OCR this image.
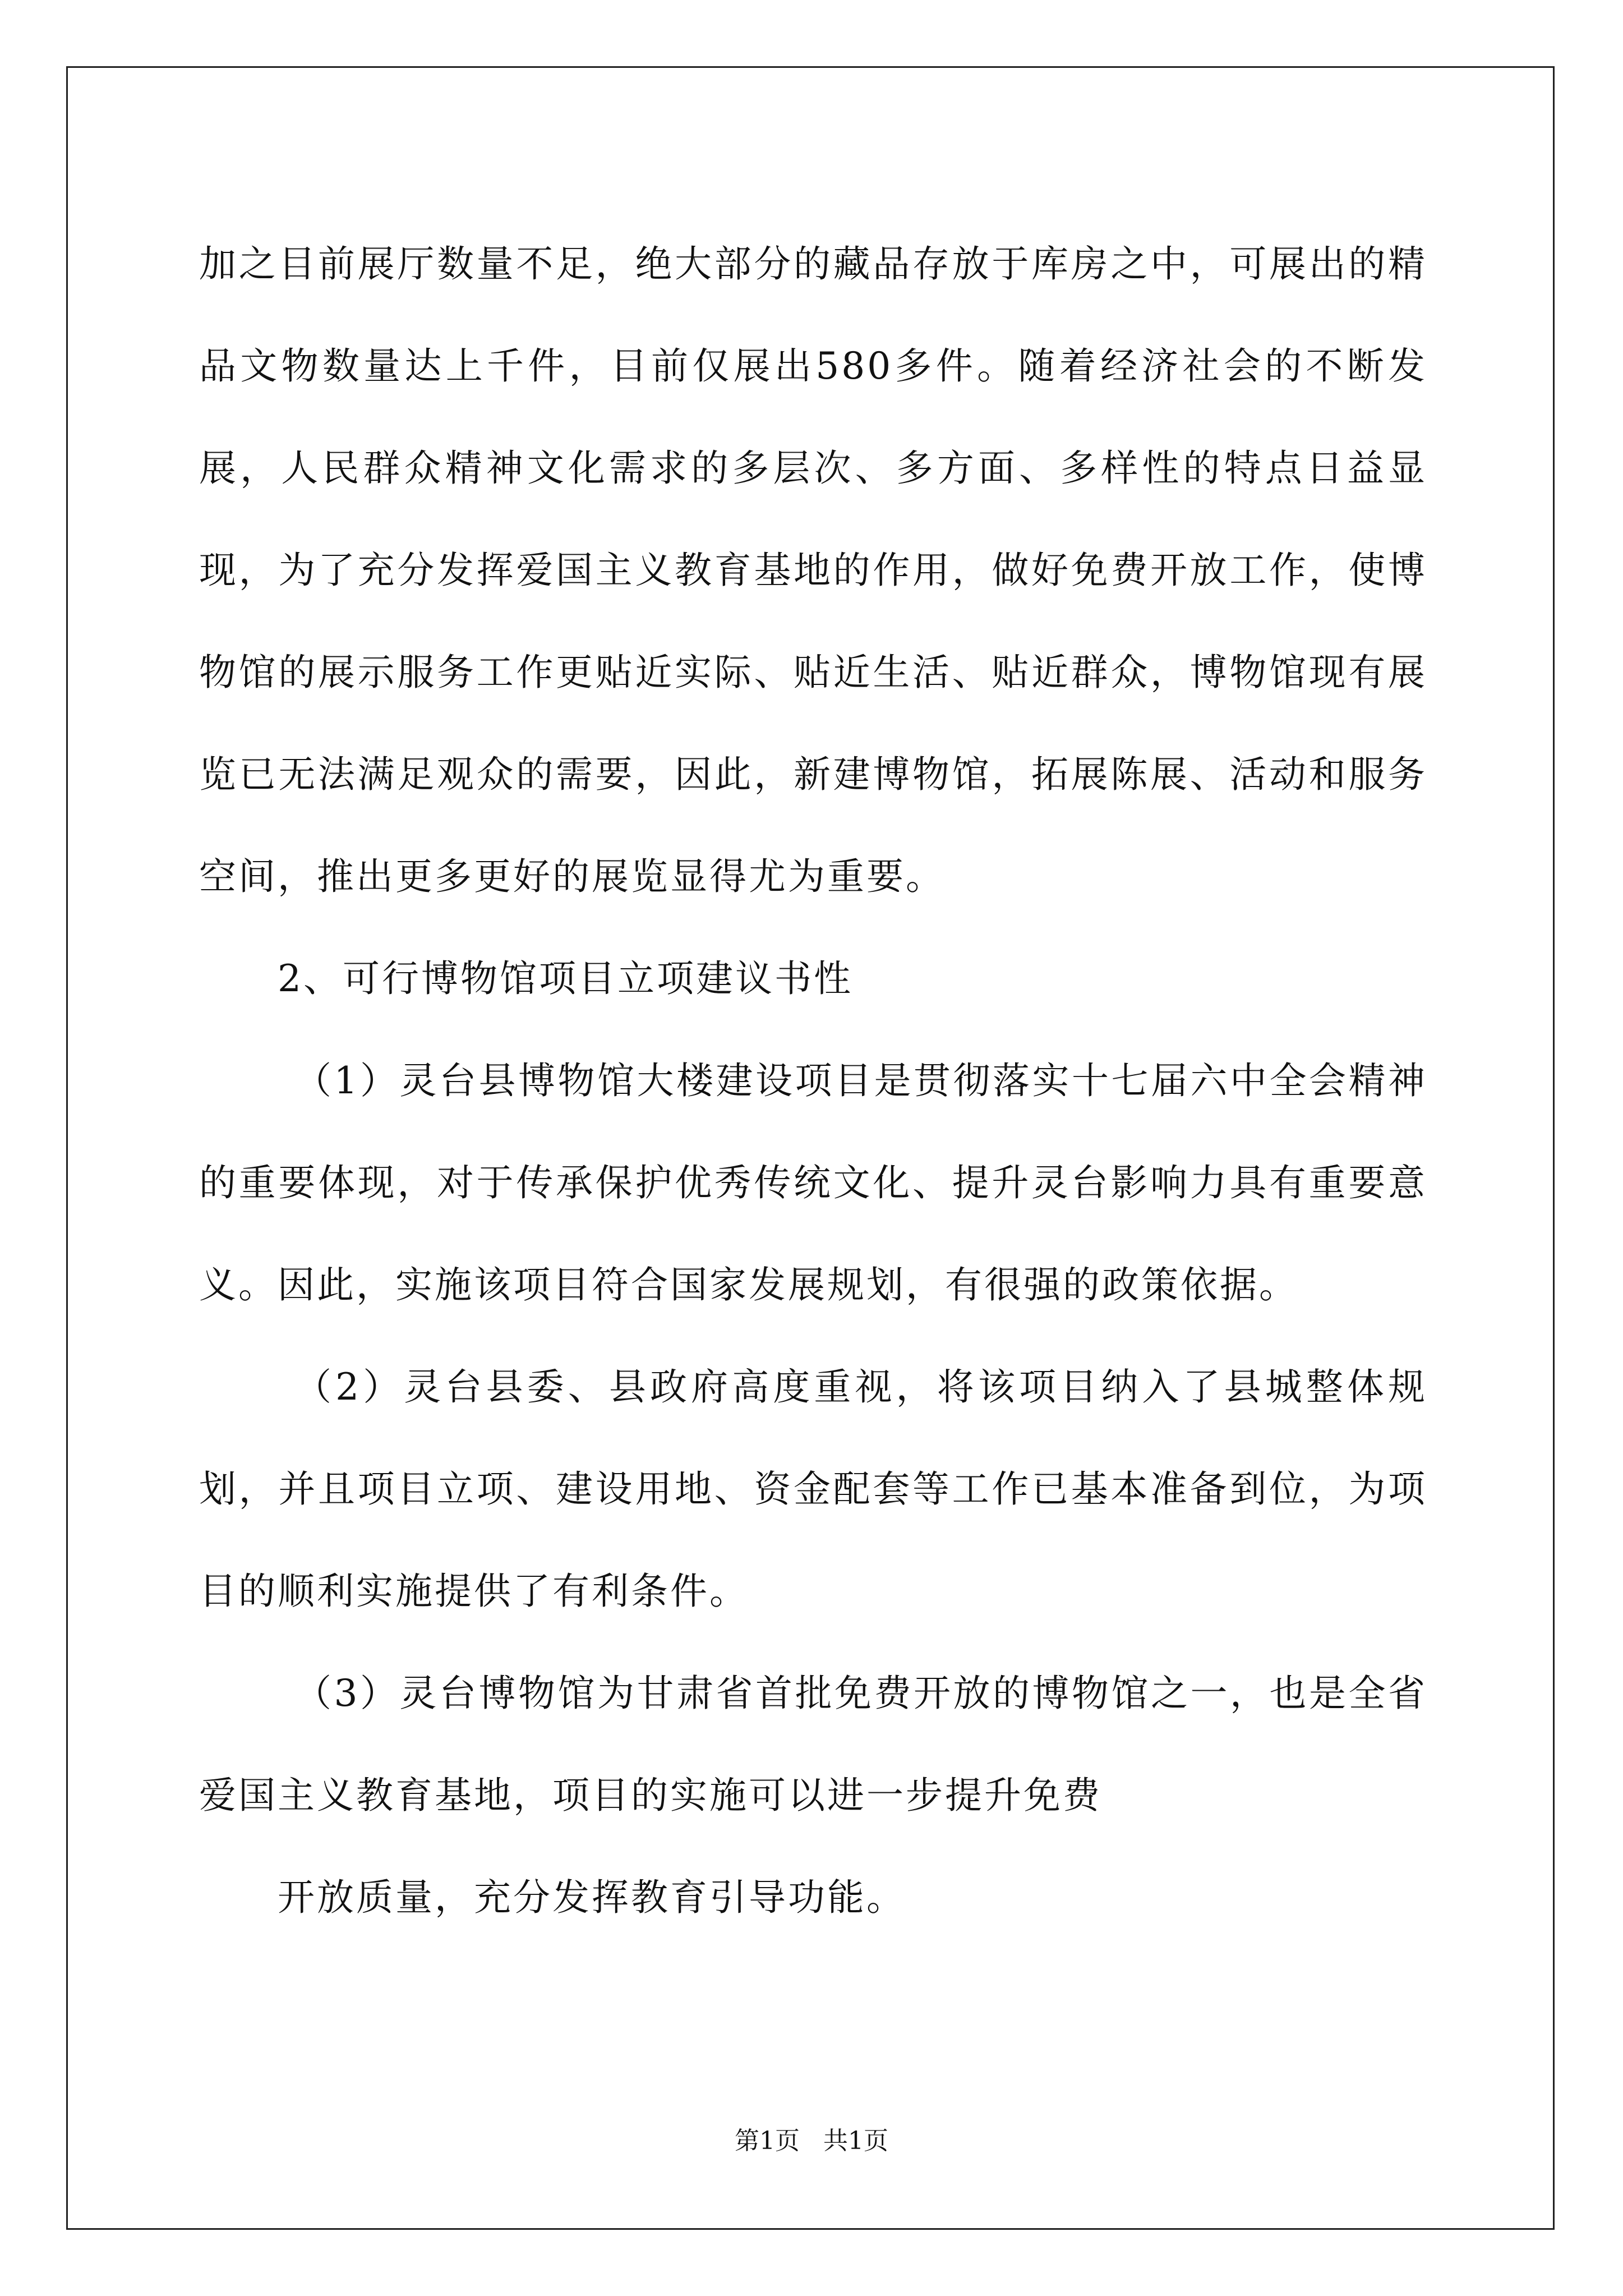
加之目前展厅数量不足，绝大部分的藏品存放于库房之中，可展出的精品文物数量达上千件，目前仅展出580多件。随着经济社会的不断发展，人民群众精神文化需求的多层次、多方面、多样性的特点日益显现，为了充分发挥爱国主义教育基地的作用，做好免费开放工作，使博物馆的展示服务工作更贴近实际、贴近生活、贴近群众，博物馆现有展览已无法满足观众的需要，因此，新建博物馆，拓展陈展、活动和服务空间，推出更多更好的展览显得尤为重要。

2、可行博物馆项目立项建议书性

（1）灵台县博物馆大楼建设项目是贯彻落实十七届六中全会精神的重要体现，对于传承保护优秀传统文化、提升灵台影响力具有重要意义。因此，实施该项目符合国家发展规划，有很强的政策依据。

（2）灵台县委、县政府高度重视，将该项目纳入了县城整体规划，并且项目立项、建设用地、资金配套等工作已基本准备到位，为项目的顺利实施提供了有利条件。

（3）灵台博物馆为甘肃省首批免费开放的博物馆之一，也是全省爱国主义教育基地，项目的实施可以进一步提升免费

开放质量，充分发挥教育引导功能。

第1页 共1页
